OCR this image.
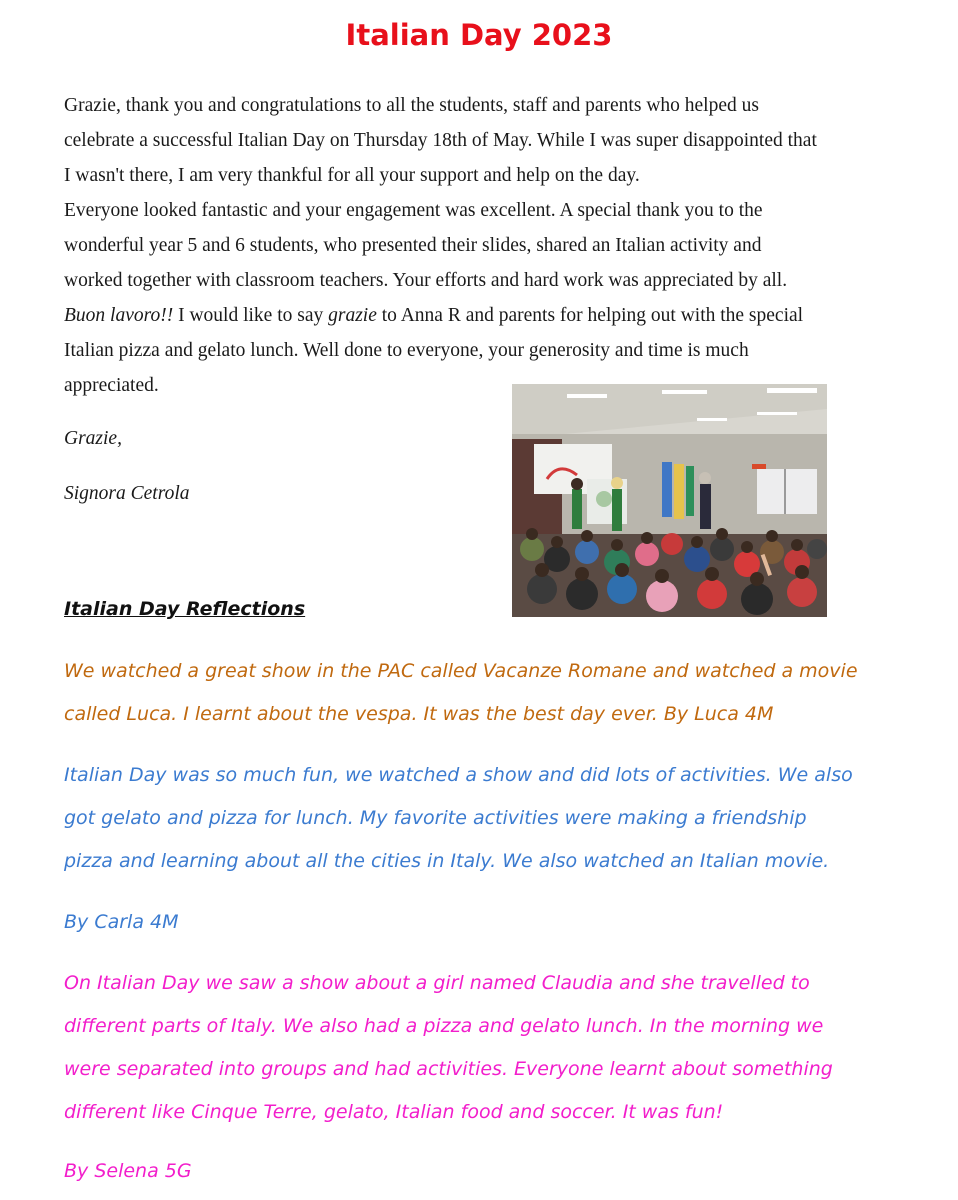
Italian Day 2023

Grazie, thank you and congratulations to all the students, staff and parents who helped us

celebrate a successful Italian Day on Thursday 18th of May. While I was super disappointed that

I wasn't there, I am very thankful for all your support and help on the day.

Everyone looked fantastic and your engagement was excellent. A special thank you to the

wonderful year 5 and 6 students, who presented their slides, shared an Italian activity and

worked together with classroom teachers. Your efforts and hard work was appreciated by all.

Buon lavoro!! I would like to say grazie to Anna R and parents for helping out with the special

Italian pizza and gelato lunch. Well done to everyone, your generosity and time is much

appreciated.

Grazie,
Signora Cetrola
Italian Day Reflections

We watched a great show in the PAC called Vacanze Romane and watched a movie

called Luca. I learnt about the vespa. It was the best day ever. By Luca 4M

Italian Day was so much fun, we watched a show and did lots of activities. We also

got gelato and pizza for lunch. My favorite activities were making a friendship

pizza and learning about all the cities in Italy. We also watched an Italian movie.

By Carla 4M

On Italian Day we saw a show about a girl named Claudia and she travelled to

different parts of Italy. We also had a pizza and gelato lunch. In the morning we

were separated into groups and had activities. Everyone learnt about something

different like Cinque Terre, gelato, Italian food and soccer. It was fun!

By Selena 5G
